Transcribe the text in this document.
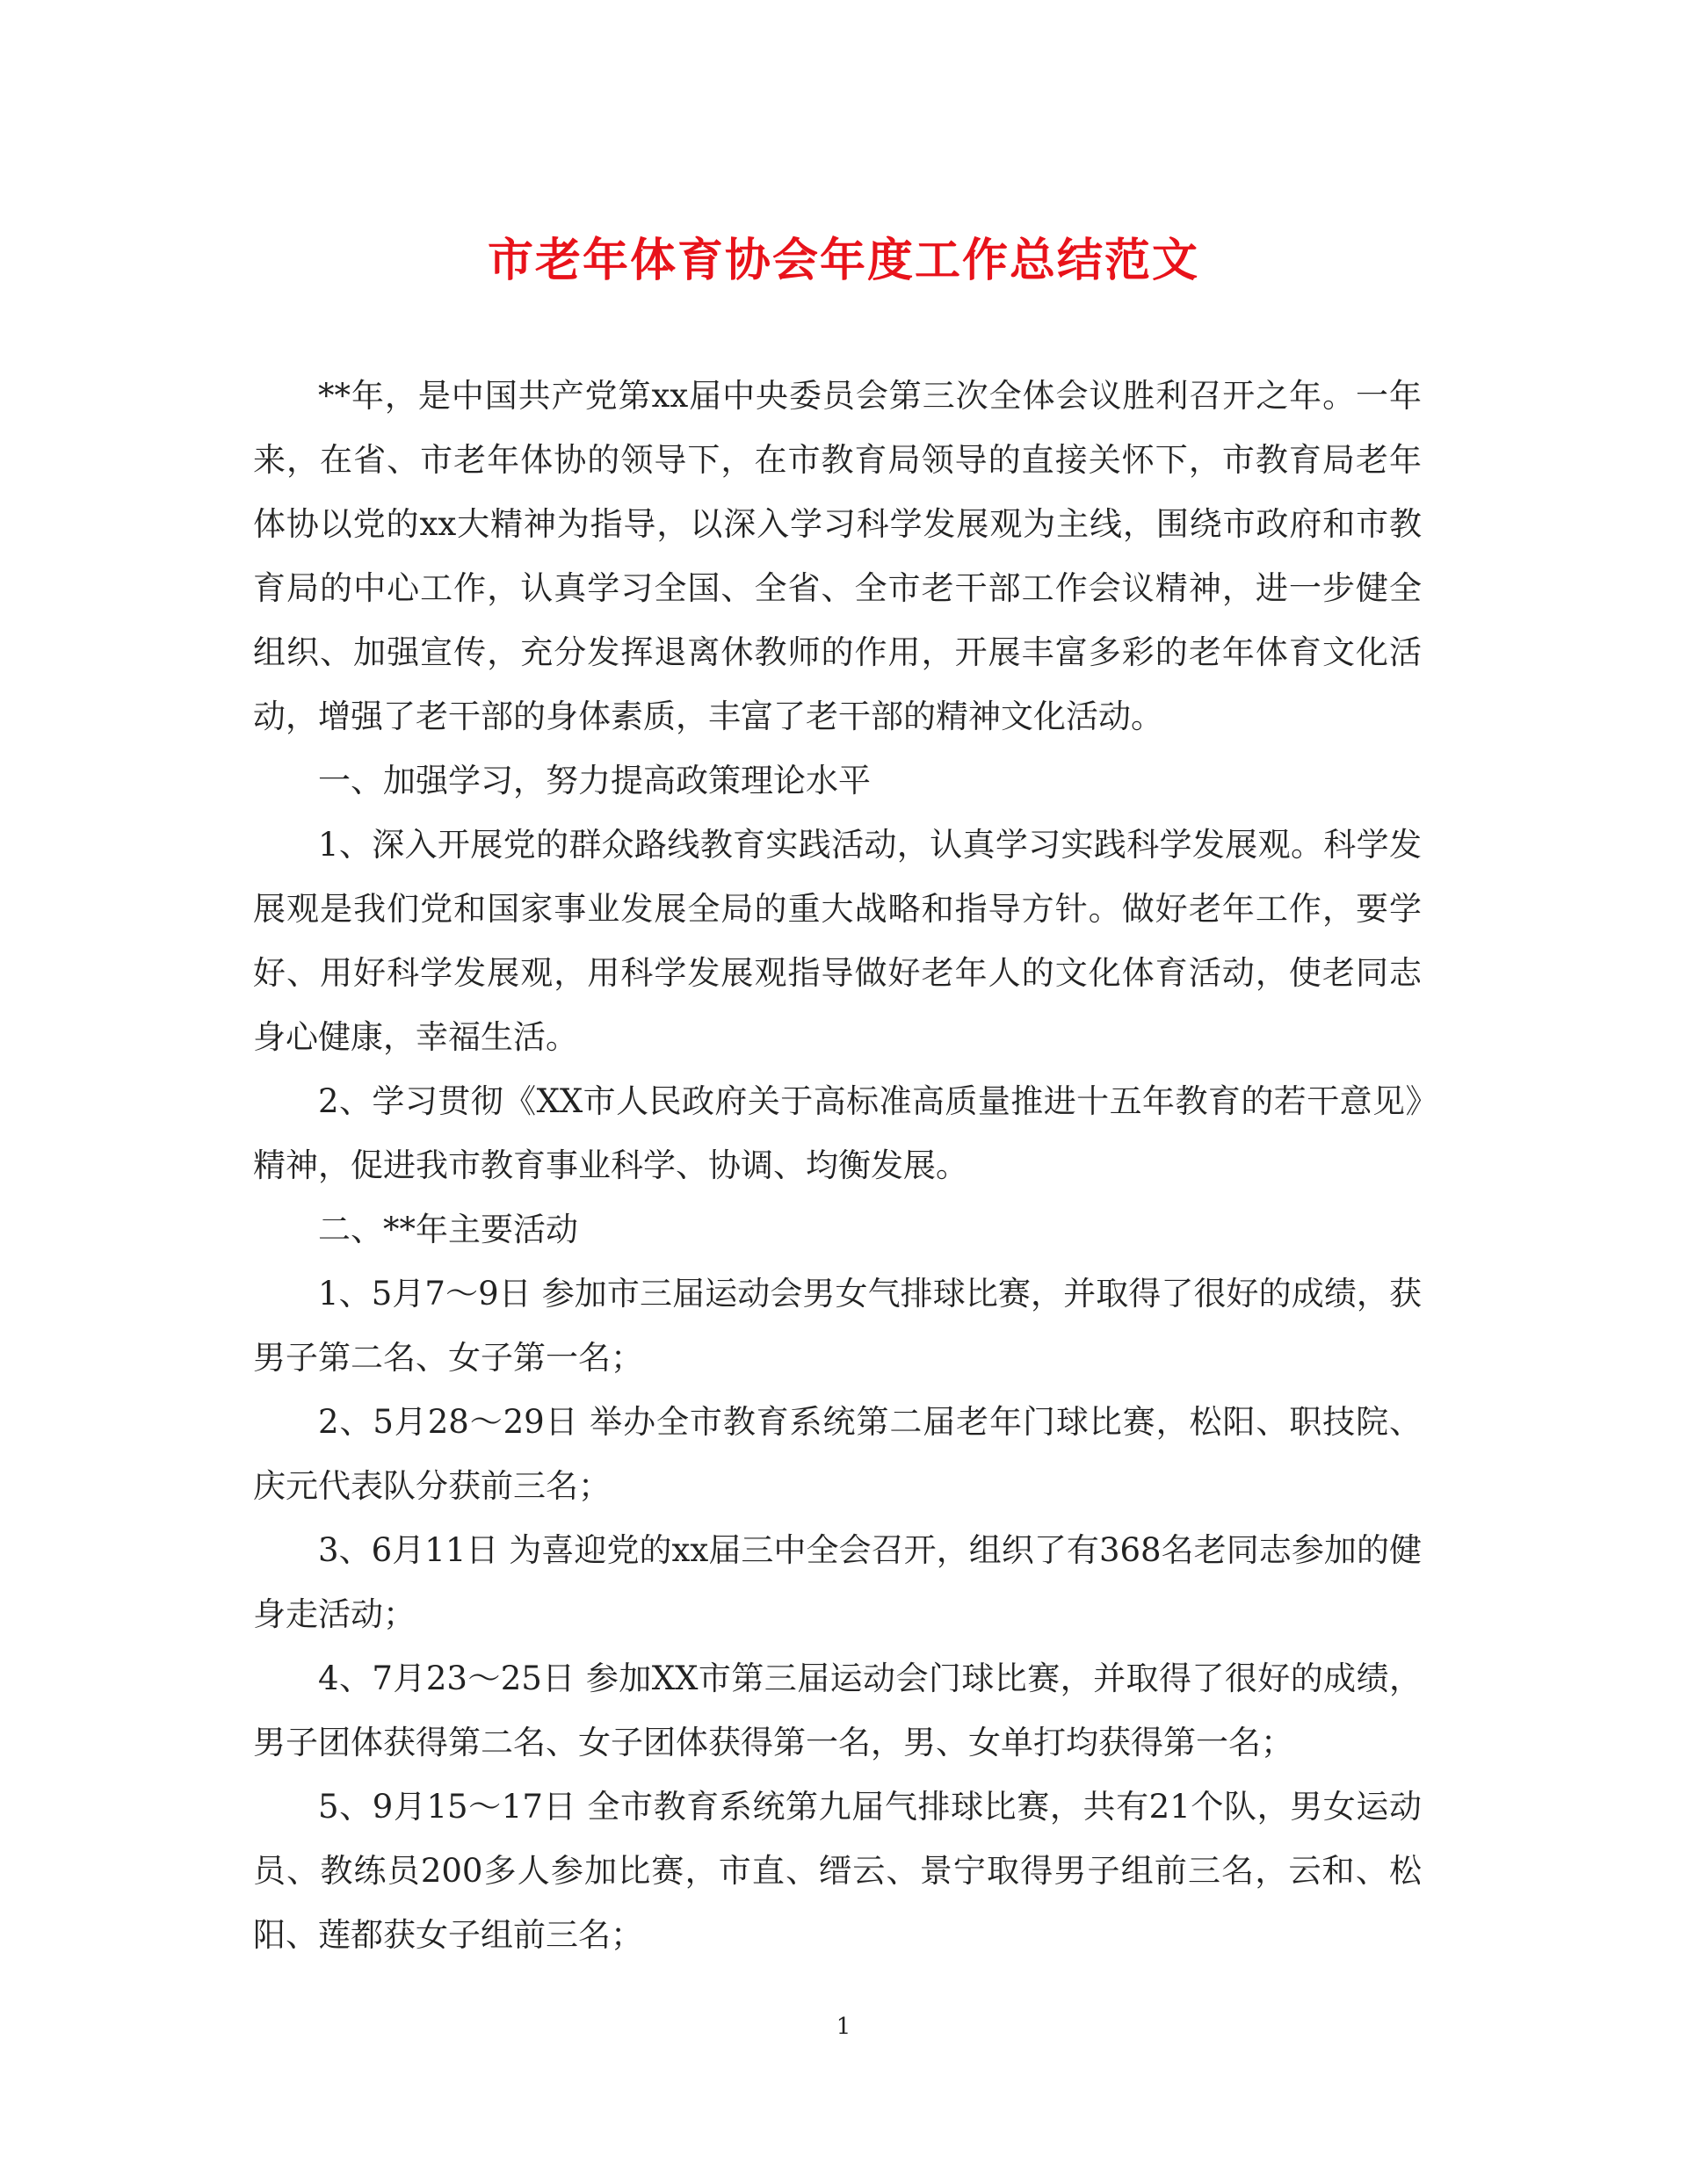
市老年体育协会年度工作总结范文

**年，是中国共产党第xx届中央委员会第三次全体会议胜利召开之年。一年来，在省、市老年体协的领导下，在市教育局领导的直接关怀下，市教育局老年体协以党的xx大精神为指导，以深入学习科学发展观为主线，围绕市政府和市教育局的中心工作，认真学习全国、全省、全市老干部工作会议精神，进一步健全组织、加强宣传，充分发挥退离休教师的作用，开展丰富多彩的老年体育文化活动，增强了老干部的身体素质，丰富了老干部的精神文化活动。

一、加强学习，努力提高政策理论水平

1、深入开展党的群众路线教育实践活动，认真学习实践科学发展观。科学发展观是我们党和国家事业发展全局的重大战略和指导方针。做好老年工作，要学好、用好科学发展观，用科学发展观指导做好老年人的文化体育活动，使老同志身心健康，幸福生活。

2、学习贯彻《XX市人民政府关于高标准高质量推进十五年教育的若干意见》精神，促进我市教育事业科学、协调、均衡发展。

二、**年主要活动

1、5月7～9日 参加市三届运动会男女气排球比赛，并取得了很好的成绩，获男子第二名、女子第一名；

2、5月28～29日 举办全市教育系统第二届老年门球比赛，松阳、职技院、庆元代表队分获前三名；

3、6月11日 为喜迎党的xx届三中全会召开，组织了有368名老同志参加的健身走活动；

4、7月23～25日 参加XX市第三届运动会门球比赛，并取得了很好的成绩，男子团体获得第二名、女子团体获得第一名，男、女单打均获得第一名；

5、9月15～17日 全市教育系统第九届气排球比赛，共有21个队，男女运动员、教练员200多人参加比赛，市直、缙云、景宁取得男子组前三名，云和、松阳、莲都获女子组前三名；

1
